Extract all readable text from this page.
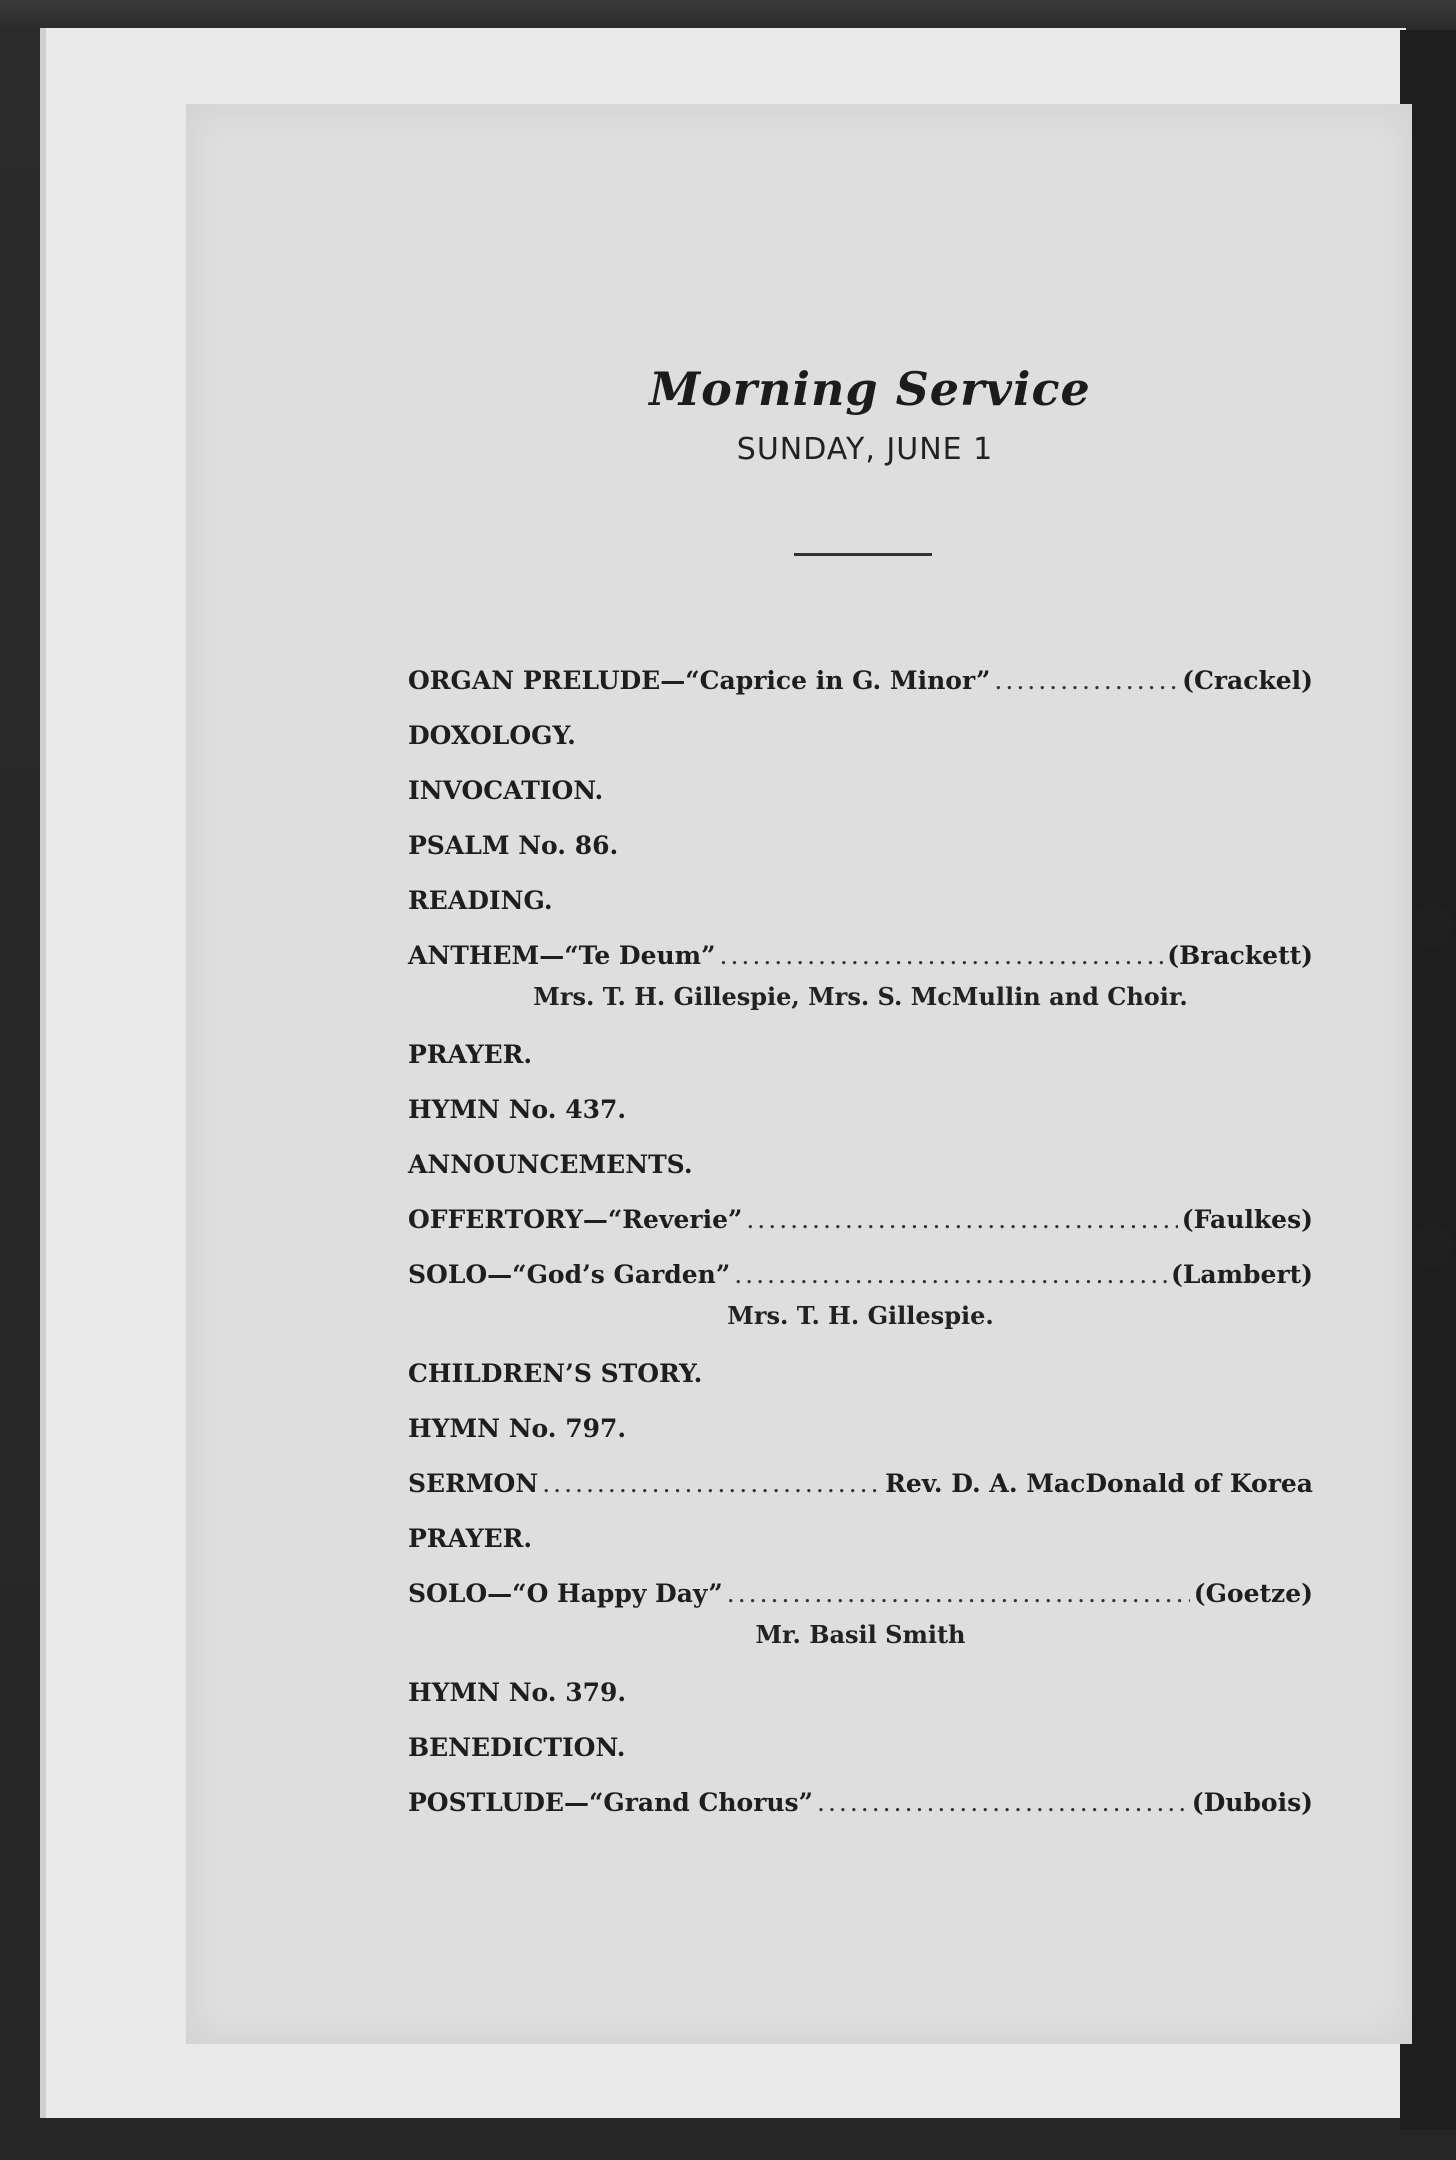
Morning Service
SUNDAY, JUNE 1
ORGAN PRELUDE—“Caprice in G. Minor” .....	(Crackel)
DOXOLOGY.
INVOCATION.
PSALM No. 86.
READING.
ANTHEM—“Te Deum” .....	(Brackett)
Mrs. T. H. Gillespie, Mrs. S. McMullin and Choir.
PRAYER.
HYMN No. 437.
ANNOUNCEMENTS.
OFFERTORY—“Reverie” .....	(Faulkes)
SOLO—“God’s Garden” .....	(Lambert)
Mrs. T. H. Gillespie.
CHILDREN’S STORY.
HYMN No. 797.
SERMON .....	Rev. D. A. MacDonald of Korea
PRAYER.
SOLO—“O Happy Day” .....	(Goetze)
Mr. Basil Smith
HYMN No. 379.
BENEDICTION.
POSTLUDE—“Grand Chorus” .....	(Dubois)
